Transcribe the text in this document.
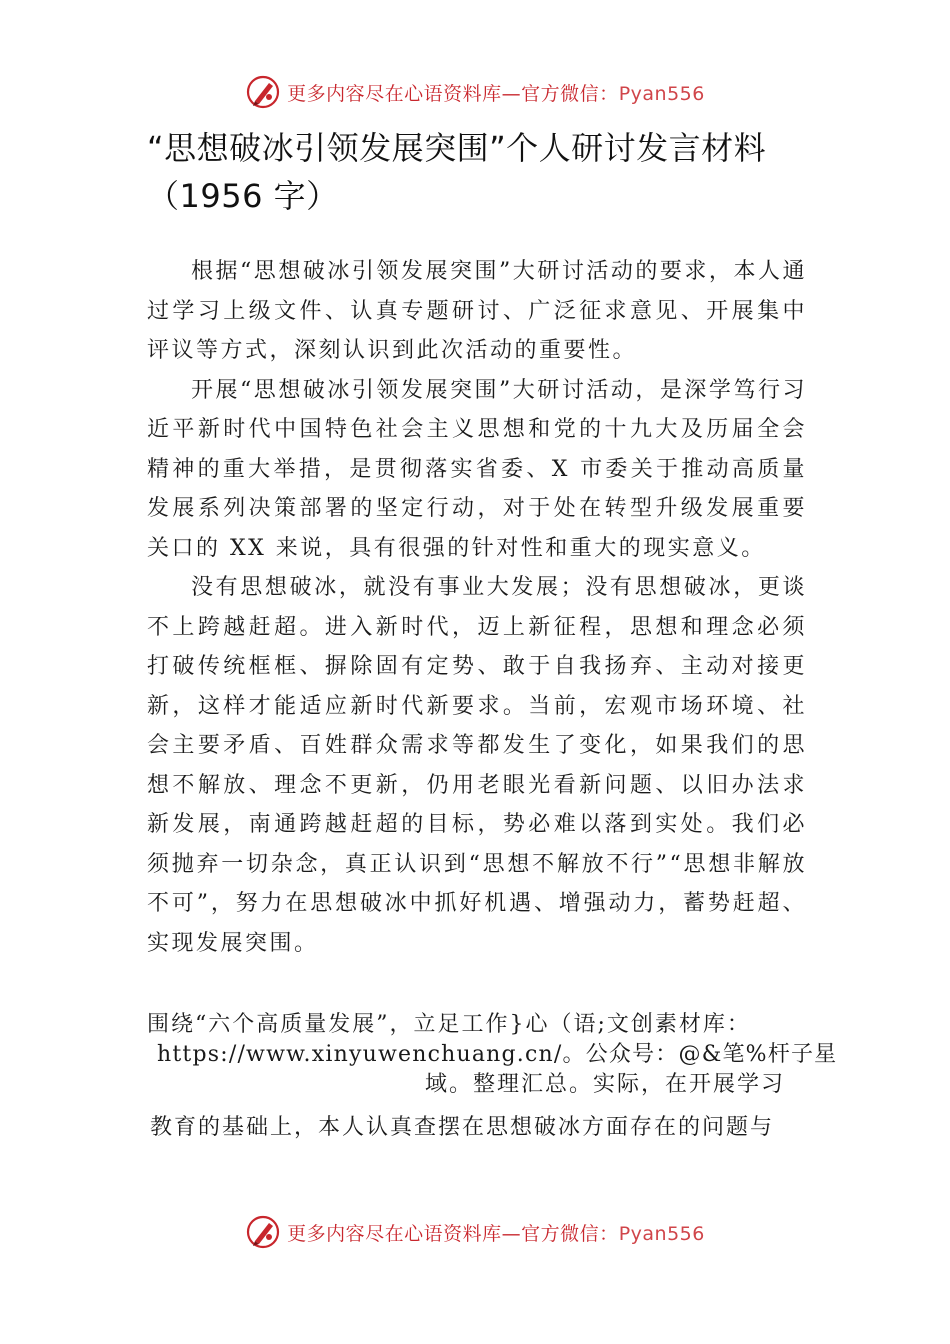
更多内容尽在心语资料库—官方微信：Pyan556
“思想破冰引领发展突围”个人研讨发言材料（1956 字）

根据“思想破冰引领发展突围”大研讨活动的要求，本人通过学习上级文件、认真专题研讨、广泛征求意见、开展集中评议等方式，深刻认识到此次活动的重要性。

开展“思想破冰引领发展突围”大研讨活动，是深学笃行习近平新时代中国特色社会主义思想和党的十九大及历届全会精神的重大举措，是贯彻落实省委、X 市委关于推动高质量发展系列决策部署的坚定行动，对于处在转型升级发展重要关口的 XX 来说，具有很强的针对性和重大的现实意义。

没有思想破冰，就没有事业大发展；没有思想破冰，更谈不上跨越赶超。进入新时代，迈上新征程，思想和理念必须打破传统框框、摒除固有定势、敢于自我扬弃、主动对接更新，这样才能适应新时代新要求。当前，宏观市场环境、社会主要矛盾、百姓群众需求等都发生了变化，如果我们的思想不解放、理念不更新，仍用老眼光看新问题、以旧办法求新发展，南通跨越赶超的目标，势必难以落到实处。我们必须抛弃一切杂念，真正认识到“思想不解放不行”“思想非解放不可”，努力在思想破冰中抓好机遇、增强动力，蓄势赶超、实现发展突围。

围绕“六个高质量发展”，立足工作}心（语;文创素材库：
https://www.xinyuwenchuang.cn/。公众号：@&笔%杆子星
域。整理汇总。实际，在开展学习
教育的基础上，本人认真查摆在思想破冰方面存在的问题与
更多内容尽在心语资料库—官方微信：Pyan556
